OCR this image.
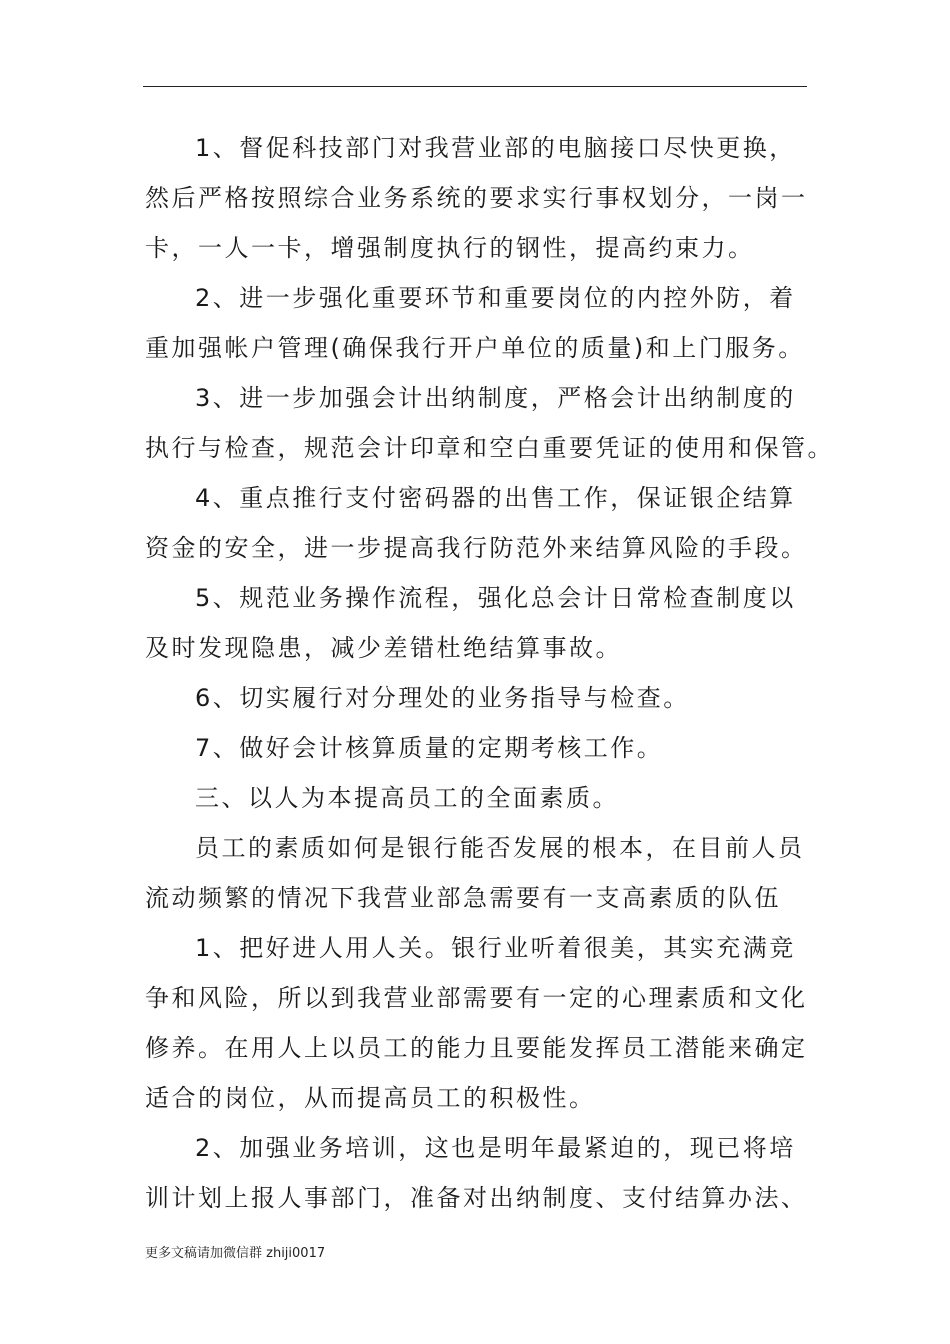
1、督促科技部门对我营业部的电脑接口尽快更换，
然后严格按照综合业务系统的要求实行事权划分，一岗一
卡，一人一卡，增强制度执行的钢性，提高约束力。
2、进一步强化重要环节和重要岗位的内控外防，着
重加强帐户管理(确保我行开户单位的质量)和上门服务。
3、进一步加强会计出纳制度，严格会计出纳制度的
执行与检查，规范会计印章和空白重要凭证的使用和保管。
4、重点推行支付密码器的出售工作，保证银企结算
资金的安全，进一步提高我行防范外来结算风险的手段。
5、规范业务操作流程，强化总会计日常检查制度以
及时发现隐患，减少差错杜绝结算事故。
6、切实履行对分理处的业务指导与检查。
7、做好会计核算质量的定期考核工作。
三、以人为本提高员工的全面素质。
员工的素质如何是银行能否发展的根本，在目前人员
流动频繁的情况下我营业部急需要有一支高素质的队伍
1、把好进人用人关。银行业听着很美，其实充满竞
争和风险，所以到我营业部需要有一定的心理素质和文化
修养。在用人上以员工的能力且要能发挥员工潜能来确定
适合的岗位，从而提高员工的积极性。
2、加强业务培训，这也是明年最紧迫的，现已将培
训计划上报人事部门，准备对出纳制度、支付结算办法、
更多文稿请加微信群 zhiji0017
